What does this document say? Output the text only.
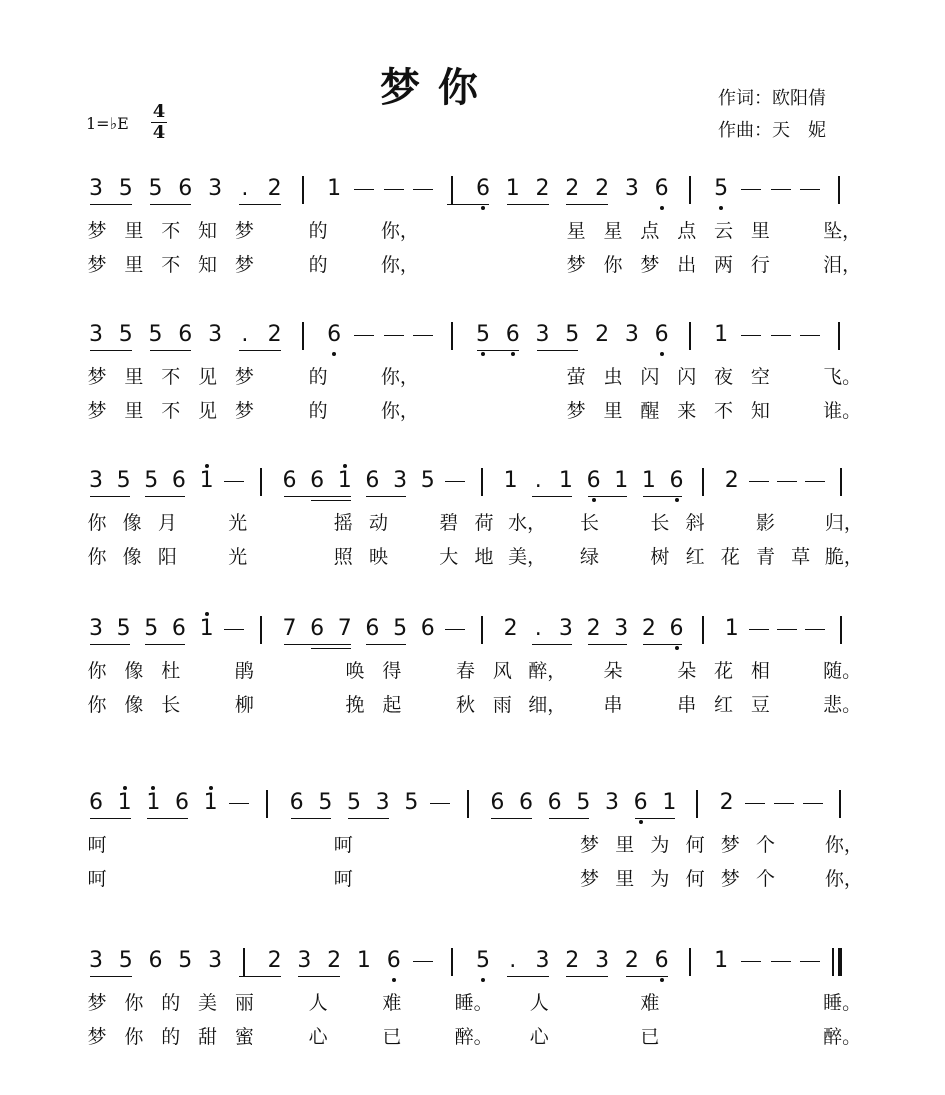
梦 你	作词：欧阳倩
作曲：天　妮
1=♭E
4
4
3 5 5 6 3 . 2 1	6 1 2 2 2 3 6 5
梦 里 不 知 梦	的	你，	星 星 点 点 云 里	坠，
梦 里 不 知 梦	的	你，	梦 你 梦 出 两 行	泪，
3 5 5 6 3 . 2 6	5 6 3 5 2 3 6 1
梦 里 不 见 梦	的	你，	萤 虫 闪 闪 夜 空	飞。
梦 里 不 见 梦	的	你，	梦 里 醒 来 不 知	谁。
3 5 5 6 1	6 6 1 6 3 5	1 . 1 6 1 1 6 2
你 像 月	光	摇 动	碧 荷 水， 长	长 斜	影	归，
你 像 阳	光	照 映	大 地 美， 绿	树 红 花 青 草 脆，
3 5 5 6 1	7 6 7 6 5 6	2 . 3 2 3 2 6 1
你 像 杜	鹃	唤 得	春 风 醉， 朵	朵 花 相	随。
你 像 长	柳	挽 起	秋 雨 细， 串	串 红 豆	悲。
6 1 1 6 1	6 5 5 3 5	6 6 6 5 3 6 1 2
呵	呵	梦 里 为 何 梦 个	你，
呵	呵	梦 里 为 何 梦 个	你，
3 5 6 5 3 2 3 2 1 6	5 . 3 2 3 2 6 1
梦 你 的 美 丽	人	难	睡。 人	难	睡。
梦 你 的 甜 蜜	心	已	醉。 心	已	醉。
